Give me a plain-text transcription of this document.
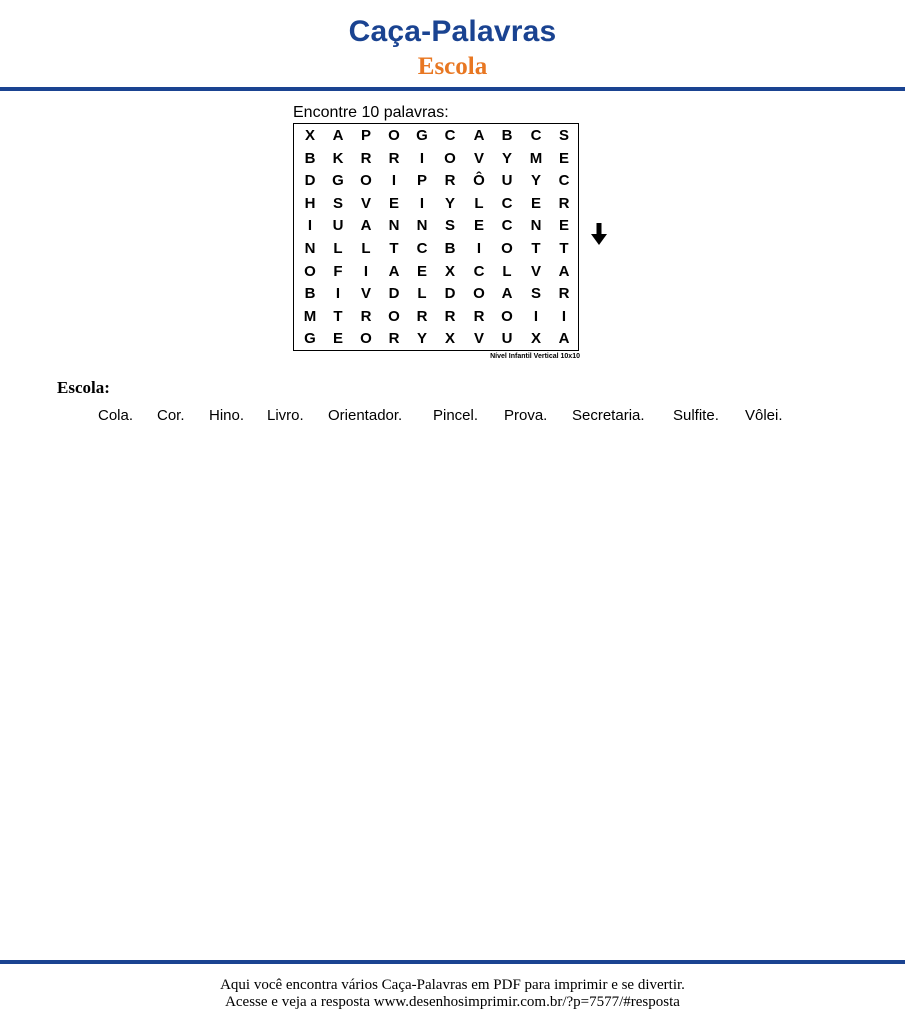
Caça-Palavras
Escola
Encontre 10 palavras:
X	A	P	O	G	C	A	B	C	S
B	K	R	R	I	O	V	Y	M	E
D	G	O	I	P	R	Ô	U	Y	C
H	S	V	E	I	Y	L	C	E	R
I	U	A	N	N	S	E	C	N	E
N	L	L	T	C	B	I	O	T	T
O	F	I	A	E	X	C	L	V	A
B	I	V	D	L	D	O	A	S	R
M	T	R	O	R	R	R	O	I	I
G	E	O	R	Y	X	V	U	X	A
Nível Infantil Vertical 10x10
Escola:
Cola. Cor. Hino. Livro. Orientador. Pincel. Prova. Secretaria. Sulfite. Vôlei.
Aqui você encontra vários Caça-Palavras em PDF para imprimir e se divertir.
Acesse e veja a resposta www.desenhosimprimir.com.br/?p=7577/#resposta
